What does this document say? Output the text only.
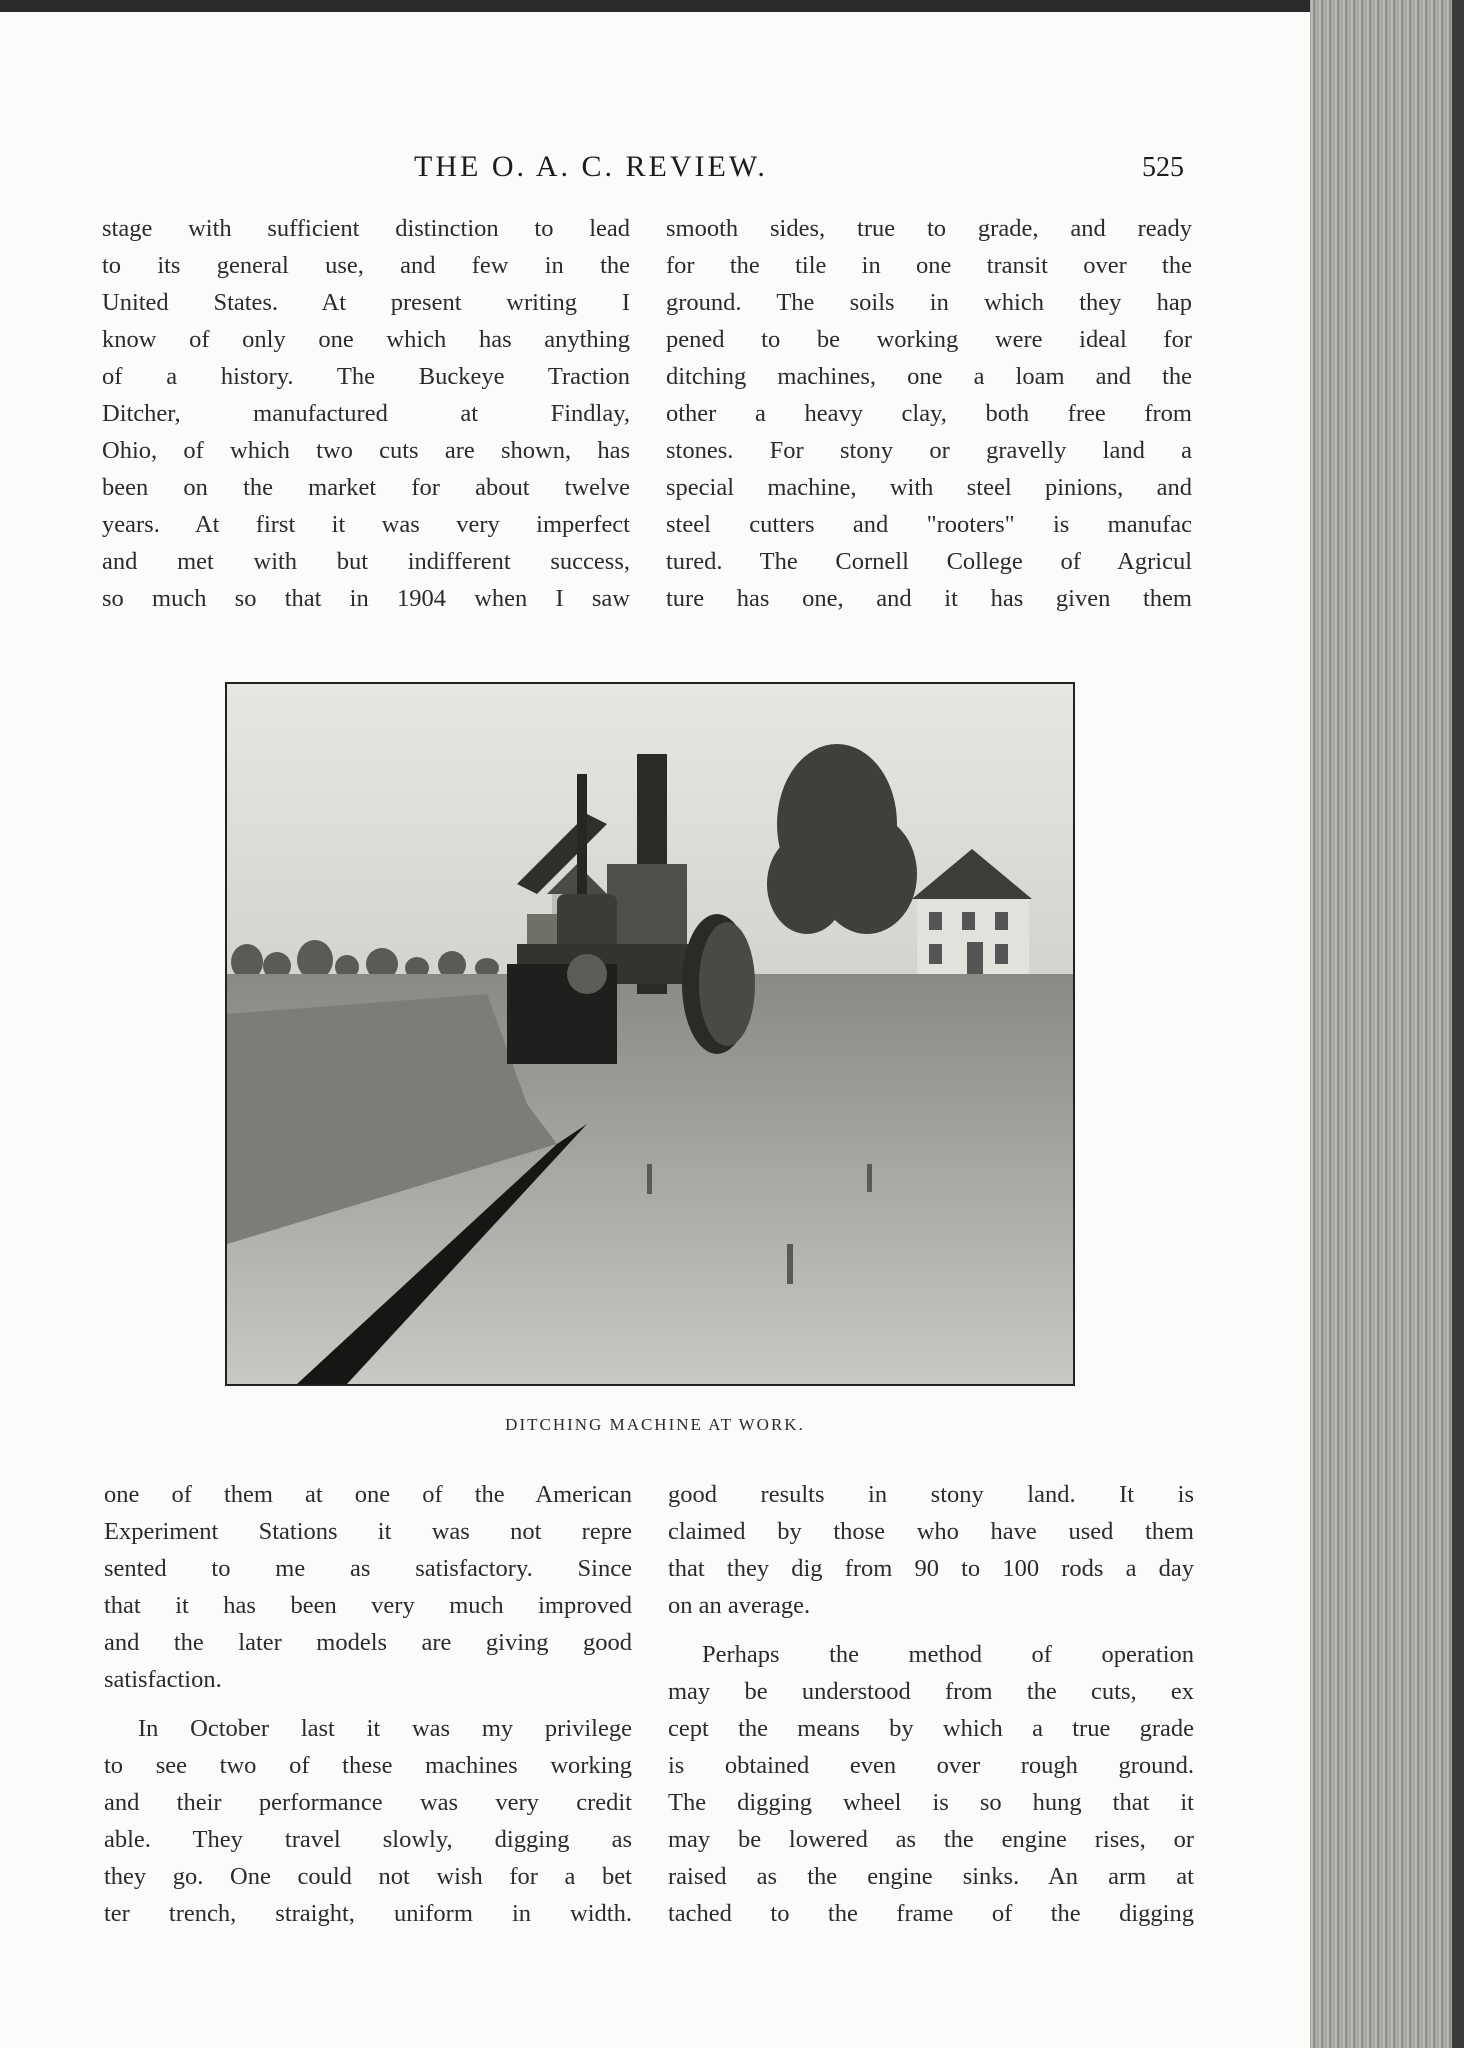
THE O. A. C. REVIEW.	525

stage with sufficient distinction to lead
to its general use, and few in the
United States. At present writing I
know of only one which has anything
of a history. The Buckeye Traction
Ditcher, manufactured at Findlay,
Ohio, of which two cuts are shown, has
been on the market for about twelve
years. At first it was very imperfect
and met with but indifferent success,
so much so that in 1904 when I saw

smooth sides, true to grade, and ready
for the tile in one transit over the
ground. The soils in which they hap
pened to be working were ideal for
ditching machines, one a loam and the
other a heavy clay, both free from
stones. For stony or gravelly land a
special machine, with steel pinions, and
steel cutters and "rooters" is manufac
tured. The Cornell College of Agricul
ture has one, and it has given them

DITCHING MACHINE AT WORK.

one of them at one of the American
Experiment Stations it was not repre
sented to me as satisfactory. Since
that it has been very much improved
and the later models are giving good
satisfaction.

In October last it was my privilege
to see two of these machines working
and their performance was very credit
able. They travel slowly, digging as
they go. One could not wish for a bet
ter trench, straight, uniform in width.

good results in stony land. It is
claimed by those who have used them
that they dig from 90 to 100 rods a day
on an average.

Perhaps the method of operation
may be understood from the cuts, ex
cept the means by which a true grade
is obtained even over rough ground.
The digging wheel is so hung that it
may be lowered as the engine rises, or
raised as the engine sinks. An arm at
tached to the frame of the digging
